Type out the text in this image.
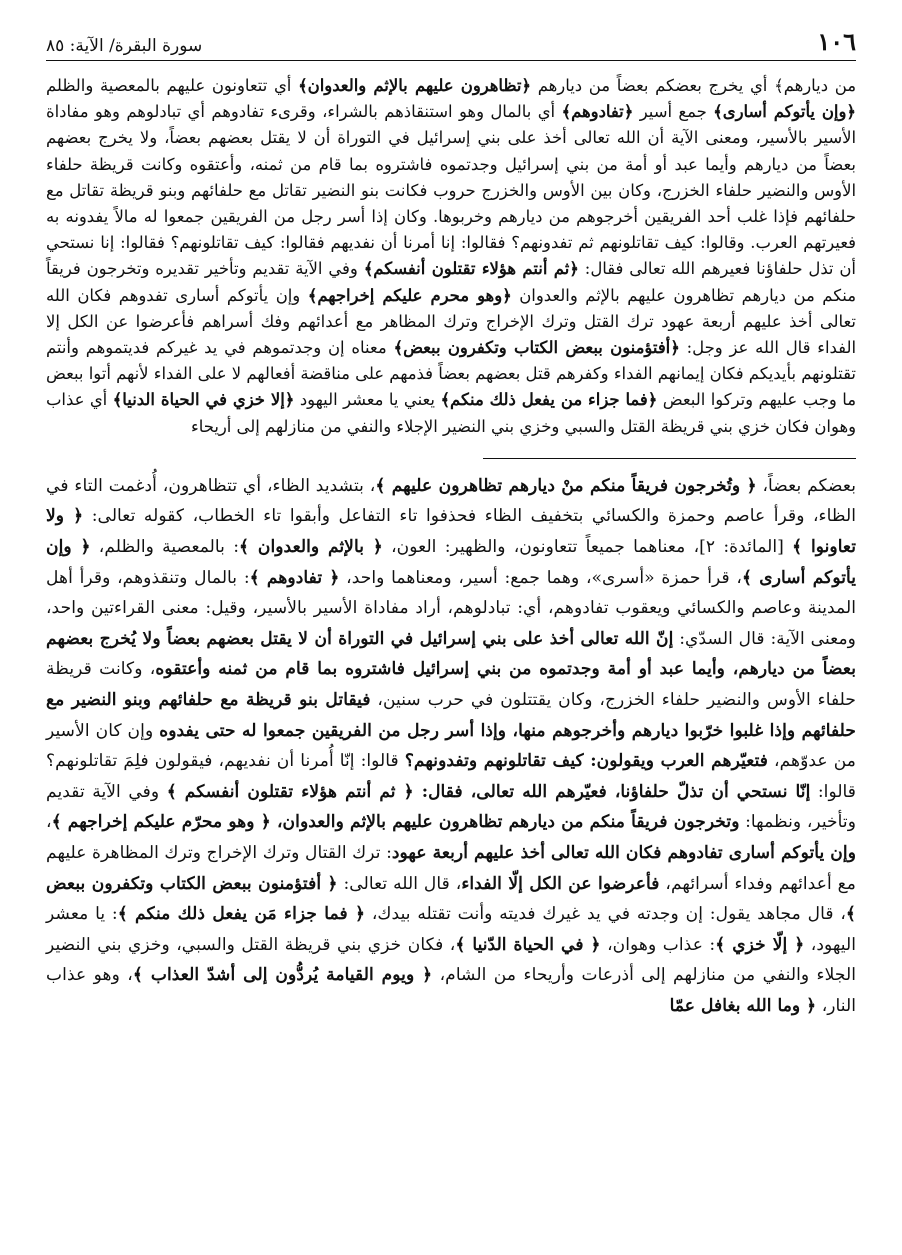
١٠٦
سورة البقرة/ الآية: ٨٥
من ديارهم﴾ أي يخرج بعضكم بعضاً من ديارهم ﴿تظاهرون عليهم بالإثم والعدوان﴾ أي تتعاونون عليهم بالمعصية والظلم ﴿وإن يأتوكم أسارى﴾ جمع أسير ﴿تفادوهم﴾ أي بالمال وهو استنقاذهم بالشراء، وقرىء تفادوهم أي تبادلوهم وهو مفاداة الأسير بالأسير، ومعنى الآية أن الله تعالى أخذ على بني إسرائيل في التوراة أن لا يقتل بعضهم بعضاً، ولا يخرج بعضهم بعضاً من ديارهم وأيما عبد أو أمة من بني إسرائيل وجدتموه فاشتروه بما قام من ثمنه، وأعتقوه وكانت قريظة حلفاء الأوس والنضير حلفاء الخزرج، وكان بين الأوس والخزرج حروب فكانت بنو النضير تقاتل مع حلفائهم وبنو قريظة تقاتل مع حلفائهم فإذا غلب أحد الفريقين أخرجوهم من ديارهم وخربوها. وكان إذا أسر رجل من الفريقين جمعوا له مالاً يفدونه به فعيرتهم العرب. وقالوا: كيف تقاتلونهم ثم تفدونهم؟ فقالوا: إنا أمرنا أن نفديهم فقالوا: كيف تقاتلونهم؟ فقالوا: إنا نستحي أن تذل حلفاؤنا فعيرهم الله تعالى فقال: ﴿ثم أنتم هؤلاء تقتلون أنفسكم﴾ وفي الآية تقديم وتأخير تقديره وتخرجون فريقاً منكم من ديارهم تظاهرون عليهم بالإثم والعدوان ﴿وهو محرم عليكم إخراجهم﴾ وإن يأتوكم أسارى تفدوهم فكان الله تعالى أخذ عليهم أربعة عهود ترك القتل وترك الإخراج وترك المظاهر مع أعدائهم وفك أسراهم فأعرضوا عن الكل إلا الفداء قال الله عز وجل: ﴿أفتؤمنون ببعض الكتاب وتكفرون ببعض﴾ معناه إن وجدتموهم في يد غيركم فديتموهم وأنتم تقتلونهم بأيديكم فكان إيمانهم الفداء وكفرهم قتل بعضهم بعضاً فذمهم على مناقضة أفعالهم لا على الفداء لأنهم أتوا ببعض ما وجب عليهم وتركوا البعض ﴿فما جزاء من يفعل ذلك منكم﴾ يعني يا معشر اليهود ﴿إلا خزي في الحياة الدنيا﴾ أي عذاب وهوان فكان خزي بني قريظة القتل والسبي وخزي بني النضير الإجلاء والنفي من منازلهم إلى أريحاء
بعضكم بعضاً، ﴿ وتُخرجون فريقاً منكم منْ ديارهم تظاهرون عليهم ﴾، بتشديد الظاء، أي تتظاهرون، أُدغمت التاء في الظاء، وقرأ عاصم وحمزة والكسائي بتخفيف الظاء فحذفوا تاء التفاعل وأبقوا تاء الخطاب، كقوله تعالى: ﴿ ولا تعاونوا ﴾ [المائدة: ٢]، معناهما جميعاً تتعاونون، والظهير: العون، ﴿ بالإثم والعدوان ﴾: بالمعصية والظلم، ﴿ وإن يأتوكم أسارى ﴾، قرأ حمزة «أسرى»، وهما جمع: أسير، ومعناهما واحد، ﴿ تفادوهم ﴾: بالمال وتنقذوهم، وقرأ أهل المدينة وعاصم والكسائي ويعقوب تفادوهم، أي: تبادلوهم، أراد مفاداة الأسير بالأسير، وقيل: معنى القراءتين واحد، ومعنى الآية: قال السدّي: إنّ الله تعالى أخذ على بني إسرائيل في التوراة أن لا يقتل بعضهم بعضاً ولا يُخرج بعضهم بعضاً من ديارهم، وأيما عبد أو أمة وجدتموه من بني إسرائيل فاشتروه بما قام من ثمنه وأعتقوه، وكانت قريظة حلفاء الأوس والنضير حلفاء الخزرج، وكان يقتتلون في حرب سنين، فيقاتل بنو قريظة مع حلفائهم وبنو النضير مع حلفائهم وإذا غلبوا خرّبوا ديارهم وأخرجوهم منها، وإذا أسر رجل من الفريقين جمعوا له حتى يفدوه وإن كان الأسير من عدوّهم، فتعيّرهم العرب ويقولون: كيف تقاتلونهم وتفدونهم؟ قالوا: إنّا أُمرنا أن نفديهم، فيقولون فلِمَ تقاتلونهم؟ قالوا: إنّا نستحي أن تذلّ حلفاؤنا، فعيّرهم الله تعالى، فقال: ﴿ ثم أنتم هؤلاء تقتلون أنفسكم ﴾ وفي الآية تقديم وتأخير، ونظمها: وتخرجون فريقاً منكم من ديارهم تظاهرون عليهم بالإثم والعدوان، ﴿ وهو محرّم عليكم إخراجهم ﴾، وإن يأتوكم أسارى تفادوهم فكان الله تعالى أخذ عليهم أربعة عهود: ترك القتال وترك الإخراج وترك المظاهرة عليهم مع أعدائهم وفداء أسرائهم، فأعرضوا عن الكل إلّا الفداء، قال الله تعالى: ﴿ أفتؤمنون ببعض الكتاب وتكفرون ببعض ﴾، قال مجاهد يقول: إن وجدته في يد غيرك فديته وأنت تقتله بيدك، ﴿ فما جزاء مَن يفعل ذلك منكم ﴾: يا معشر اليهود، ﴿ إلّا خزي ﴾: عذاب وهوان، ﴿ في الحياة الدّنيا ﴾، فكان خزي بني قريظة القتل والسبي، وخزي بني النضير الجلاء والنفي من منازلهم إلى أذرعات وأريحاء من الشام، ﴿ ويوم القيامة يُردُّون إلى أشدّ العذاب ﴾، وهو عذاب النار، ﴿ وما الله بغافل عمّا
